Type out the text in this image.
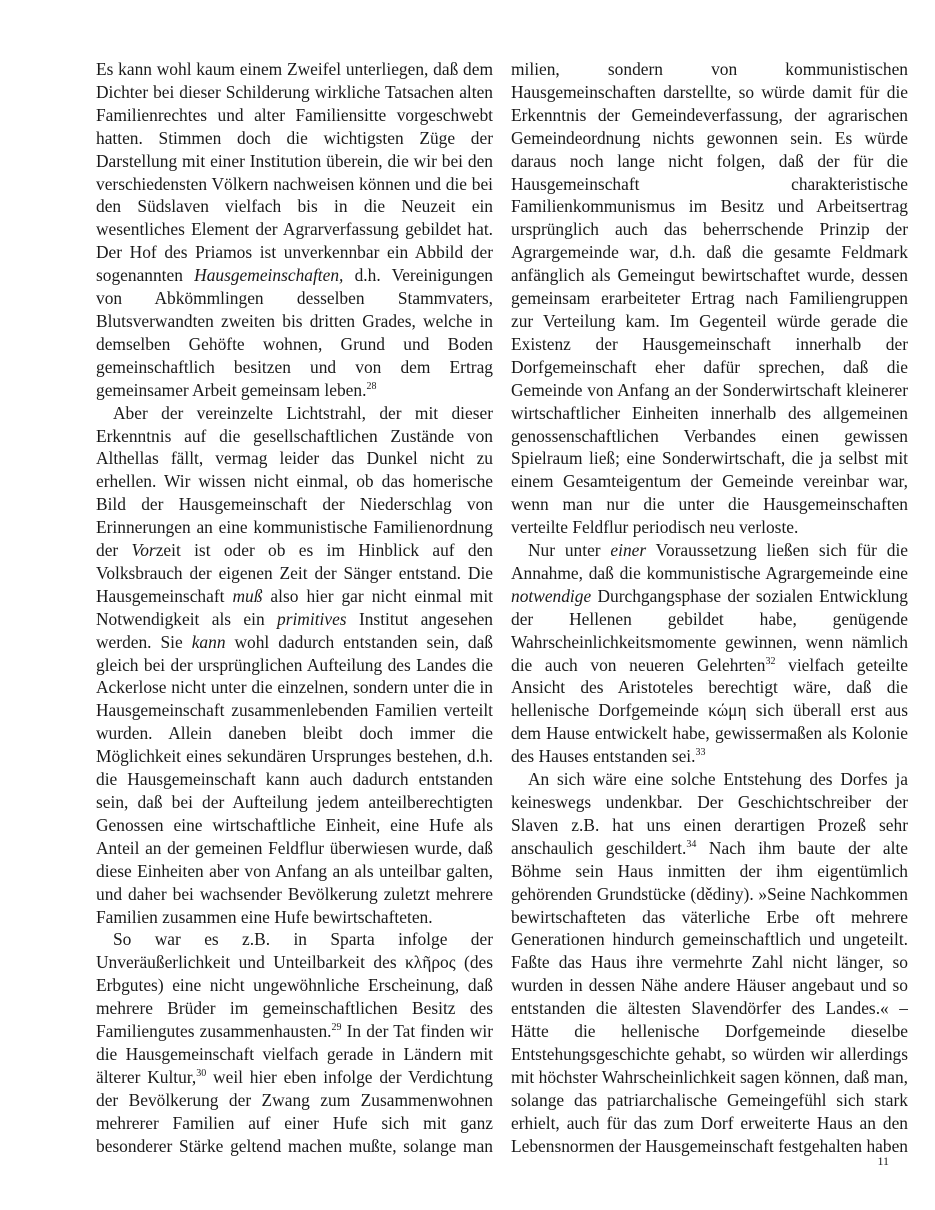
Es kann wohl kaum einem Zweifel unterliegen, daß dem Dichter bei dieser Schilderung wirkliche Tatsachen alten Familienrechtes und alter Familiensitte vorgeschwebt hatten. Stimmen doch die wichtigsten Züge der Darstellung mit einer Institution überein, die wir bei den verschiedensten Völkern nachweisen können und die bei den Südslaven vielfach bis in die Neuzeit ein wesentliches Element der Agrarverfassung gebildet hat. Der Hof des Priamos ist unverkennbar ein Abbild der sogenannten Hausgemeinschaften, d.h. Vereinigungen von Abkömmlingen desselben Stammvaters, Blutsverwandten zweiten bis dritten Grades, welche in demselben Gehöfte wohnen, Grund und Boden gemeinschaftlich besitzen und von dem Ertrag gemeinsamer Arbeit gemeinsam leben.$^{28}$

Aber der vereinzelte Lichtstrahl, der mit dieser Erkenntnis auf die gesellschaftlichen Zustände von Althellas fällt, vermag leider das Dunkel nicht zu erhellen. Wir wissen nicht einmal, ob das homerische Bild der Hausgemeinschaft der Niederschlag von Erinnerungen an eine kommunistische Familienordnung der Vorzeit ist oder ob es im Hinblick auf den Volksbrauch der eigenen Zeit der Sänger entstand. Die Hausgemeinschaft muß also hier gar nicht einmal mit Notwendigkeit als ein primitives Institut angesehen werden. Sie kann wohl dadurch entstanden sein, daß gleich bei der ursprünglichen Aufteilung des Landes die Ackerlose nicht unter die einzelnen, sondern unter die in Hausgemeinschaft zusammenlebenden Familien verteilt wurden. Allein daneben bleibt doch immer die Möglichkeit eines sekundären Ursprunges bestehen, d.h. die Hausgemeinschaft kann auch dadurch entstanden sein, daß bei der Aufteilung jedem anteilberechtigten Genossen eine wirtschaftliche Einheit, eine Hufe als Anteil an der gemeinen Feldflur überwiesen wurde, daß diese Einheiten aber von Anfang an als unteilbar galten, und daher bei wachsender Bevölkerung zuletzt mehrere Familien zusammen eine Hufe bewirtschafteten.

So war es z.B. in Sparta infolge der Unveräußerlichkeit und Unteilbarkeit des κλῆρος (des Erbgutes) eine nicht ungewöhnliche Erscheinung, daß mehrere Brüder im gemeinschaftlichen Besitz des Familiengutes zusammenhausten.$^{29}$ In der Tat finden wir die Hausgemeinschaft vielfach gerade in Ländern mit älterer Kultur,$^{30}$ weil hier eben infolge der Verdichtung der Bevölkerung der Zwang zum Zusammenwohnen mehrerer Familien auf einer Hufe sich mit ganz besonderer Stärke geltend machen mußte, solange man

milien, sondern von kommunistischen Hausgemeinschaften darstellte, so würde damit für die Erkenntnis der Gemeindeverfassung, der agrarischen Gemeindeordnung nichts gewonnen sein. Es würde daraus noch lange nicht folgen, daß der für die Hausgemeinschaft charakteristische Familienkommunismus im Besitz und Arbeitsertrag ursprünglich auch das beherrschende Prinzip der Agrargemeinde war, d.h. daß die gesamte Feldmark anfänglich als Gemeingut bewirtschaftet wurde, dessen gemeinsam erarbeiteter Ertrag nach Familiengruppen zur Verteilung kam. Im Gegenteil würde gerade die Existenz der Hausgemeinschaft innerhalb der Dorfgemeinschaft eher dafür sprechen, daß die Gemeinde von Anfang an der Sonderwirtschaft kleinerer wirtschaftlicher Einheiten innerhalb des allgemeinen genossenschaftlichen Verbandes einen gewissen Spielraum ließ; eine Sonderwirtschaft, die ja selbst mit einem Gesamteigentum der Gemeinde vereinbar war, wenn man nur die unter die Hausgemeinschaften verteilte Feldflur periodisch neu verloste.

Nur unter einer Voraussetzung ließen sich für die Annahme, daß die kommunistische Agrargemeinde eine notwendige Durchgangsphase der sozialen Entwicklung der Hellenen gebildet habe, genügende Wahrscheinlichkeitsmomente gewinnen, wenn nämlich die auch von neueren Gelehrten$^{32}$ vielfach geteilte Ansicht des Aristoteles berechtigt wäre, daß die hellenische Dorfgemeinde κώμη sich überall erst aus dem Hause entwickelt habe, gewissermaßen als Kolonie des Hauses entstanden sei.$^{33}$

An sich wäre eine solche Entstehung des Dorfes ja keineswegs undenkbar. Der Geschichtschreiber der Slaven z.B. hat uns einen derartigen Prozeß sehr anschaulich geschildert.$^{34}$ Nach ihm baute der alte Böhme sein Haus inmitten der ihm eigentümlich gehörenden Grundstücke (dědiny). »Seine Nachkommen bewirtschafteten das väterliche Erbe oft mehrere Generationen hindurch gemeinschaftlich und ungeteilt. Faßte das Haus ihre vermehrte Zahl nicht länger, so wurden in dessen Nähe andere Häuser angebaut und so entstanden die ältesten Slavendörfer des Landes.« – Hätte die hellenische Dorfgemeinde dieselbe Entstehungsgeschichte gehabt, so würden wir allerdings mit höchster Wahrscheinlichkeit sagen können, daß man, solange das patriarchalische Gemeingefühl sich stark erhielt, auch für das zum Dorf erweiterte Haus an den Lebensnormen der Hausgemeinschaft festgehalten haben

11
